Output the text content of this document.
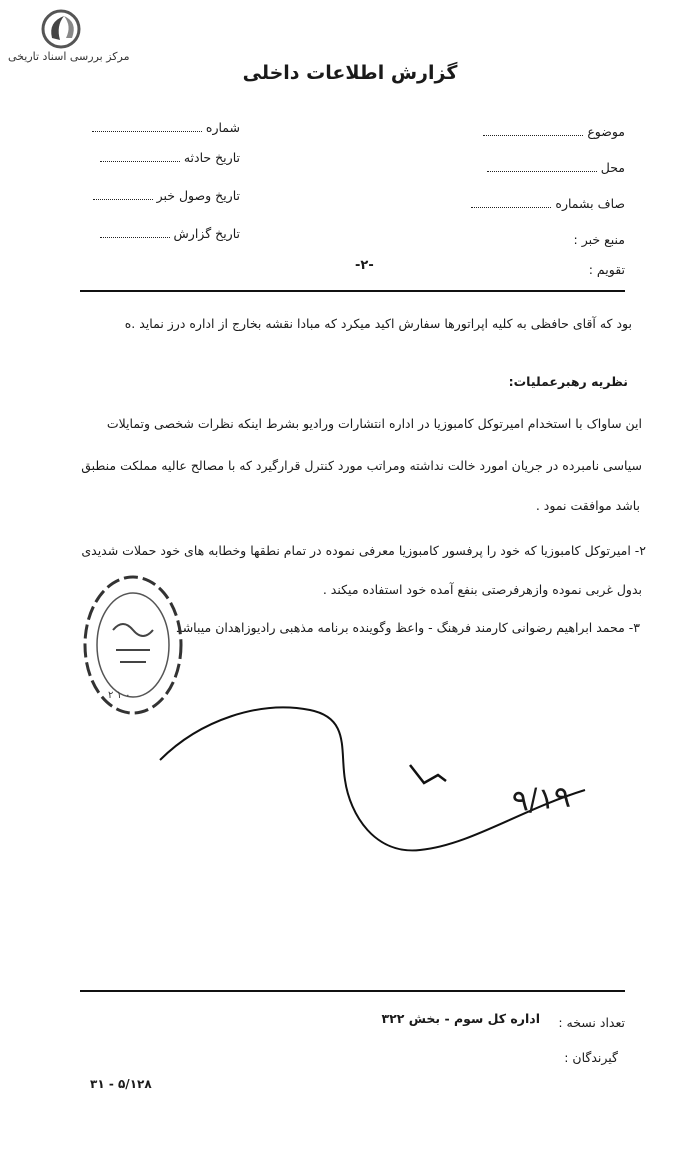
مرکز بررسی اسناد تاریخی
گزارش اطلاعات داخلی
شماره
تاریخ حادثه
تاریخ وصول خبر
تاریخ گزارش
موضوع
محل
صاف بشماره
منبع خبر :
تقویم :
-۲-
بود که آقای حافظی به کلیه اپراتورها سفارش اکید میکرد که مبادا نقشه بخارج از اداره درز نماید .ه
نظریه رهبرعملیات:
این ساواک با استخدام امیرتوکل کامبوزیا در اداره انتشارات ورادیو بشرط اینکه نظرات شخصی وتمایلات
سیاسی نامبرده در جریان امورد خالت نداشته ومراتب مورد کنترل قرارگیرد که با مصالح عالیه مملکت منطبق
باشد موافقت نمود .
۲- امیرتوکل کامبوزیا که خود را پرفسور کامبوزیا معرفی نموده در تمام نطقها وخطابه های خود حملات شدیدی
بدول غربی نموده وازهرفرصتی بنفع آمده خود استفاده میکند .
۳- محمد ابراهیم رضوانی کارمند فرهنگ - واعظ وگوینده برنامه مذهبی رادیوزاهدان میباشد
۲ ۱ ۰
۹/۱۹
تعداد نسخه :
اداره کل سوم - بخش ۳۲۲
گیرندگان :
۳۱ - ۵/۱۲۸
